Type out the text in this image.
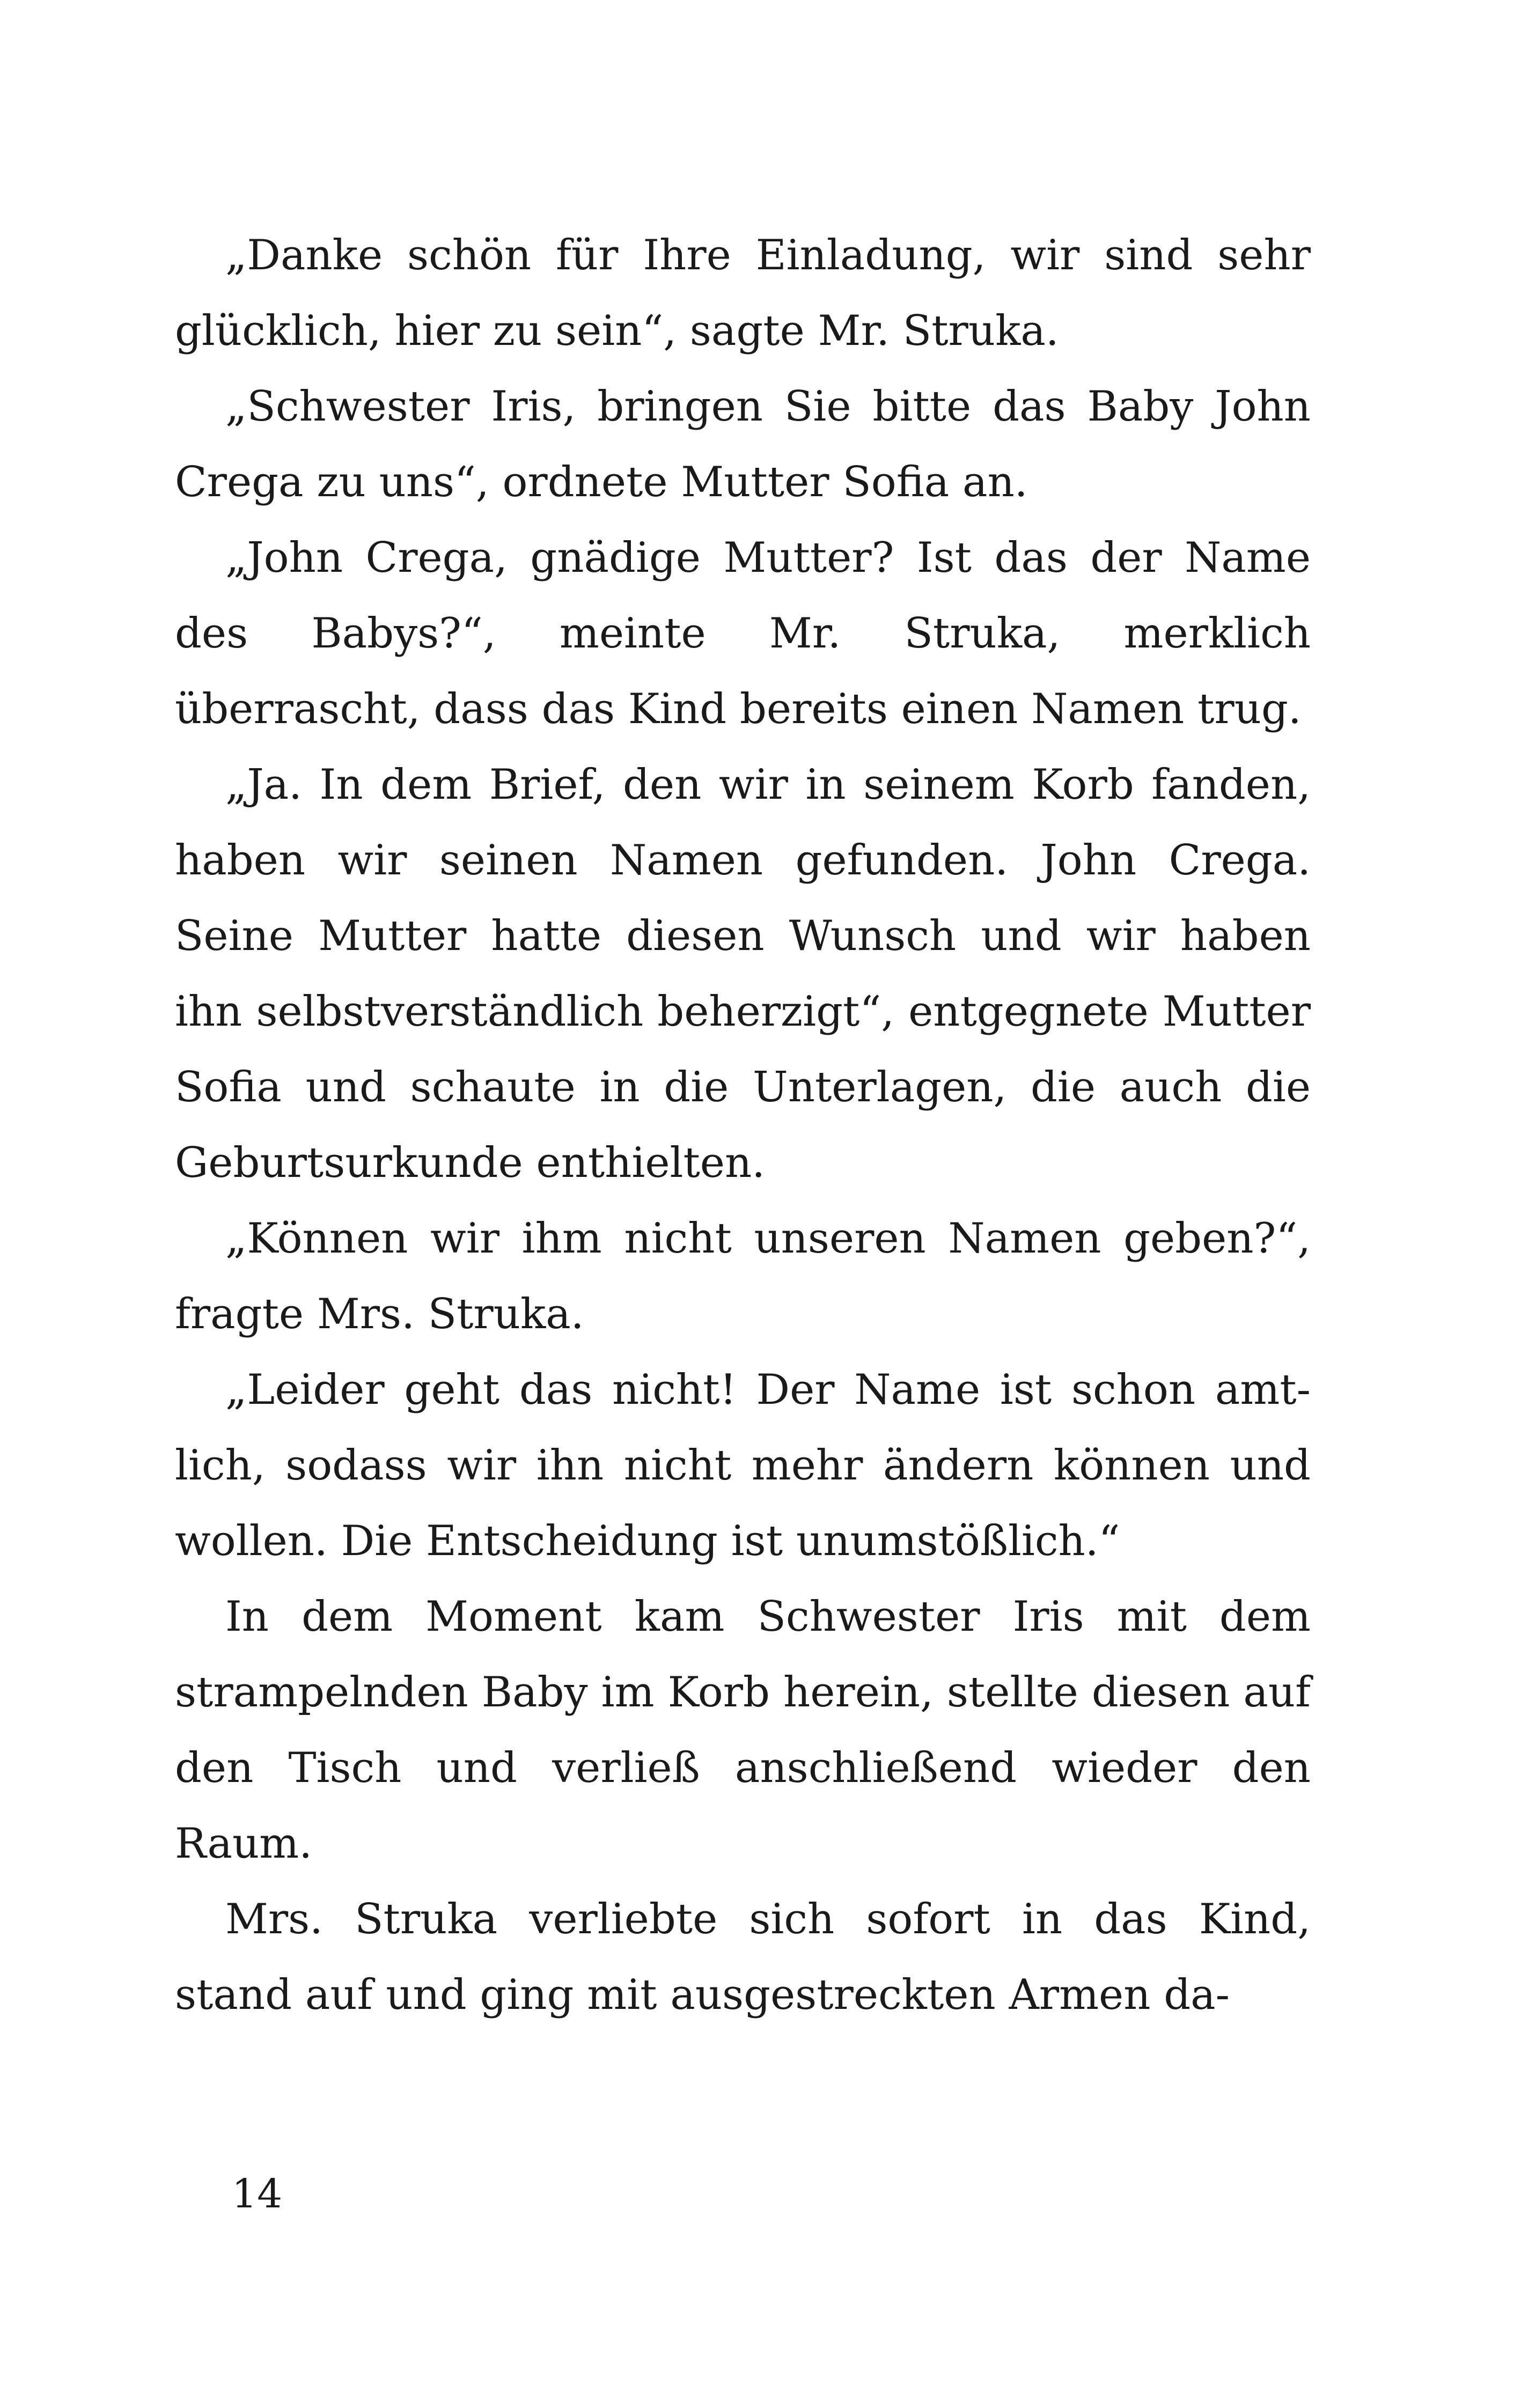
„Danke schön für Ihre Einladung, wir sind sehr glücklich, hier zu sein“, sagte Mr. Struka.

„Schwester Iris, bringen Sie bitte das Baby John Crega zu uns“, ordnete Mutter Sofia an.

„John Crega, gnädige Mutter? Ist das der Name des Babys?“, meinte Mr. Struka, merklich überrascht, dass das Kind bereits einen Namen trug.

„Ja. In dem Brief, den wir in seinem Korb fanden, haben wir seinen Namen gefunden. John Crega. Seine Mutter hatte diesen Wunsch und wir haben ihn selbstverständlich beherzigt“, entgegnete Mutter Sofia und schaute in die Unterlagen, die auch die Geburtsurkunde enthielten.

„Können wir ihm nicht unseren Namen geben?“, fragte Mrs. Struka.

„Leider geht das nicht! Der Name ist schon amtlich, sodass wir ihn nicht mehr ändern können und wollen. Die Entscheidung ist unumstößlich.“

In dem Moment kam Schwester Iris mit dem strampelnden Baby im Korb herein, stellte diesen auf den Tisch und verließ anschließend wieder den Raum.

Mrs. Struka verliebte sich sofort in das Kind, stand auf und ging mit ausgestreckten Armen da-

14
